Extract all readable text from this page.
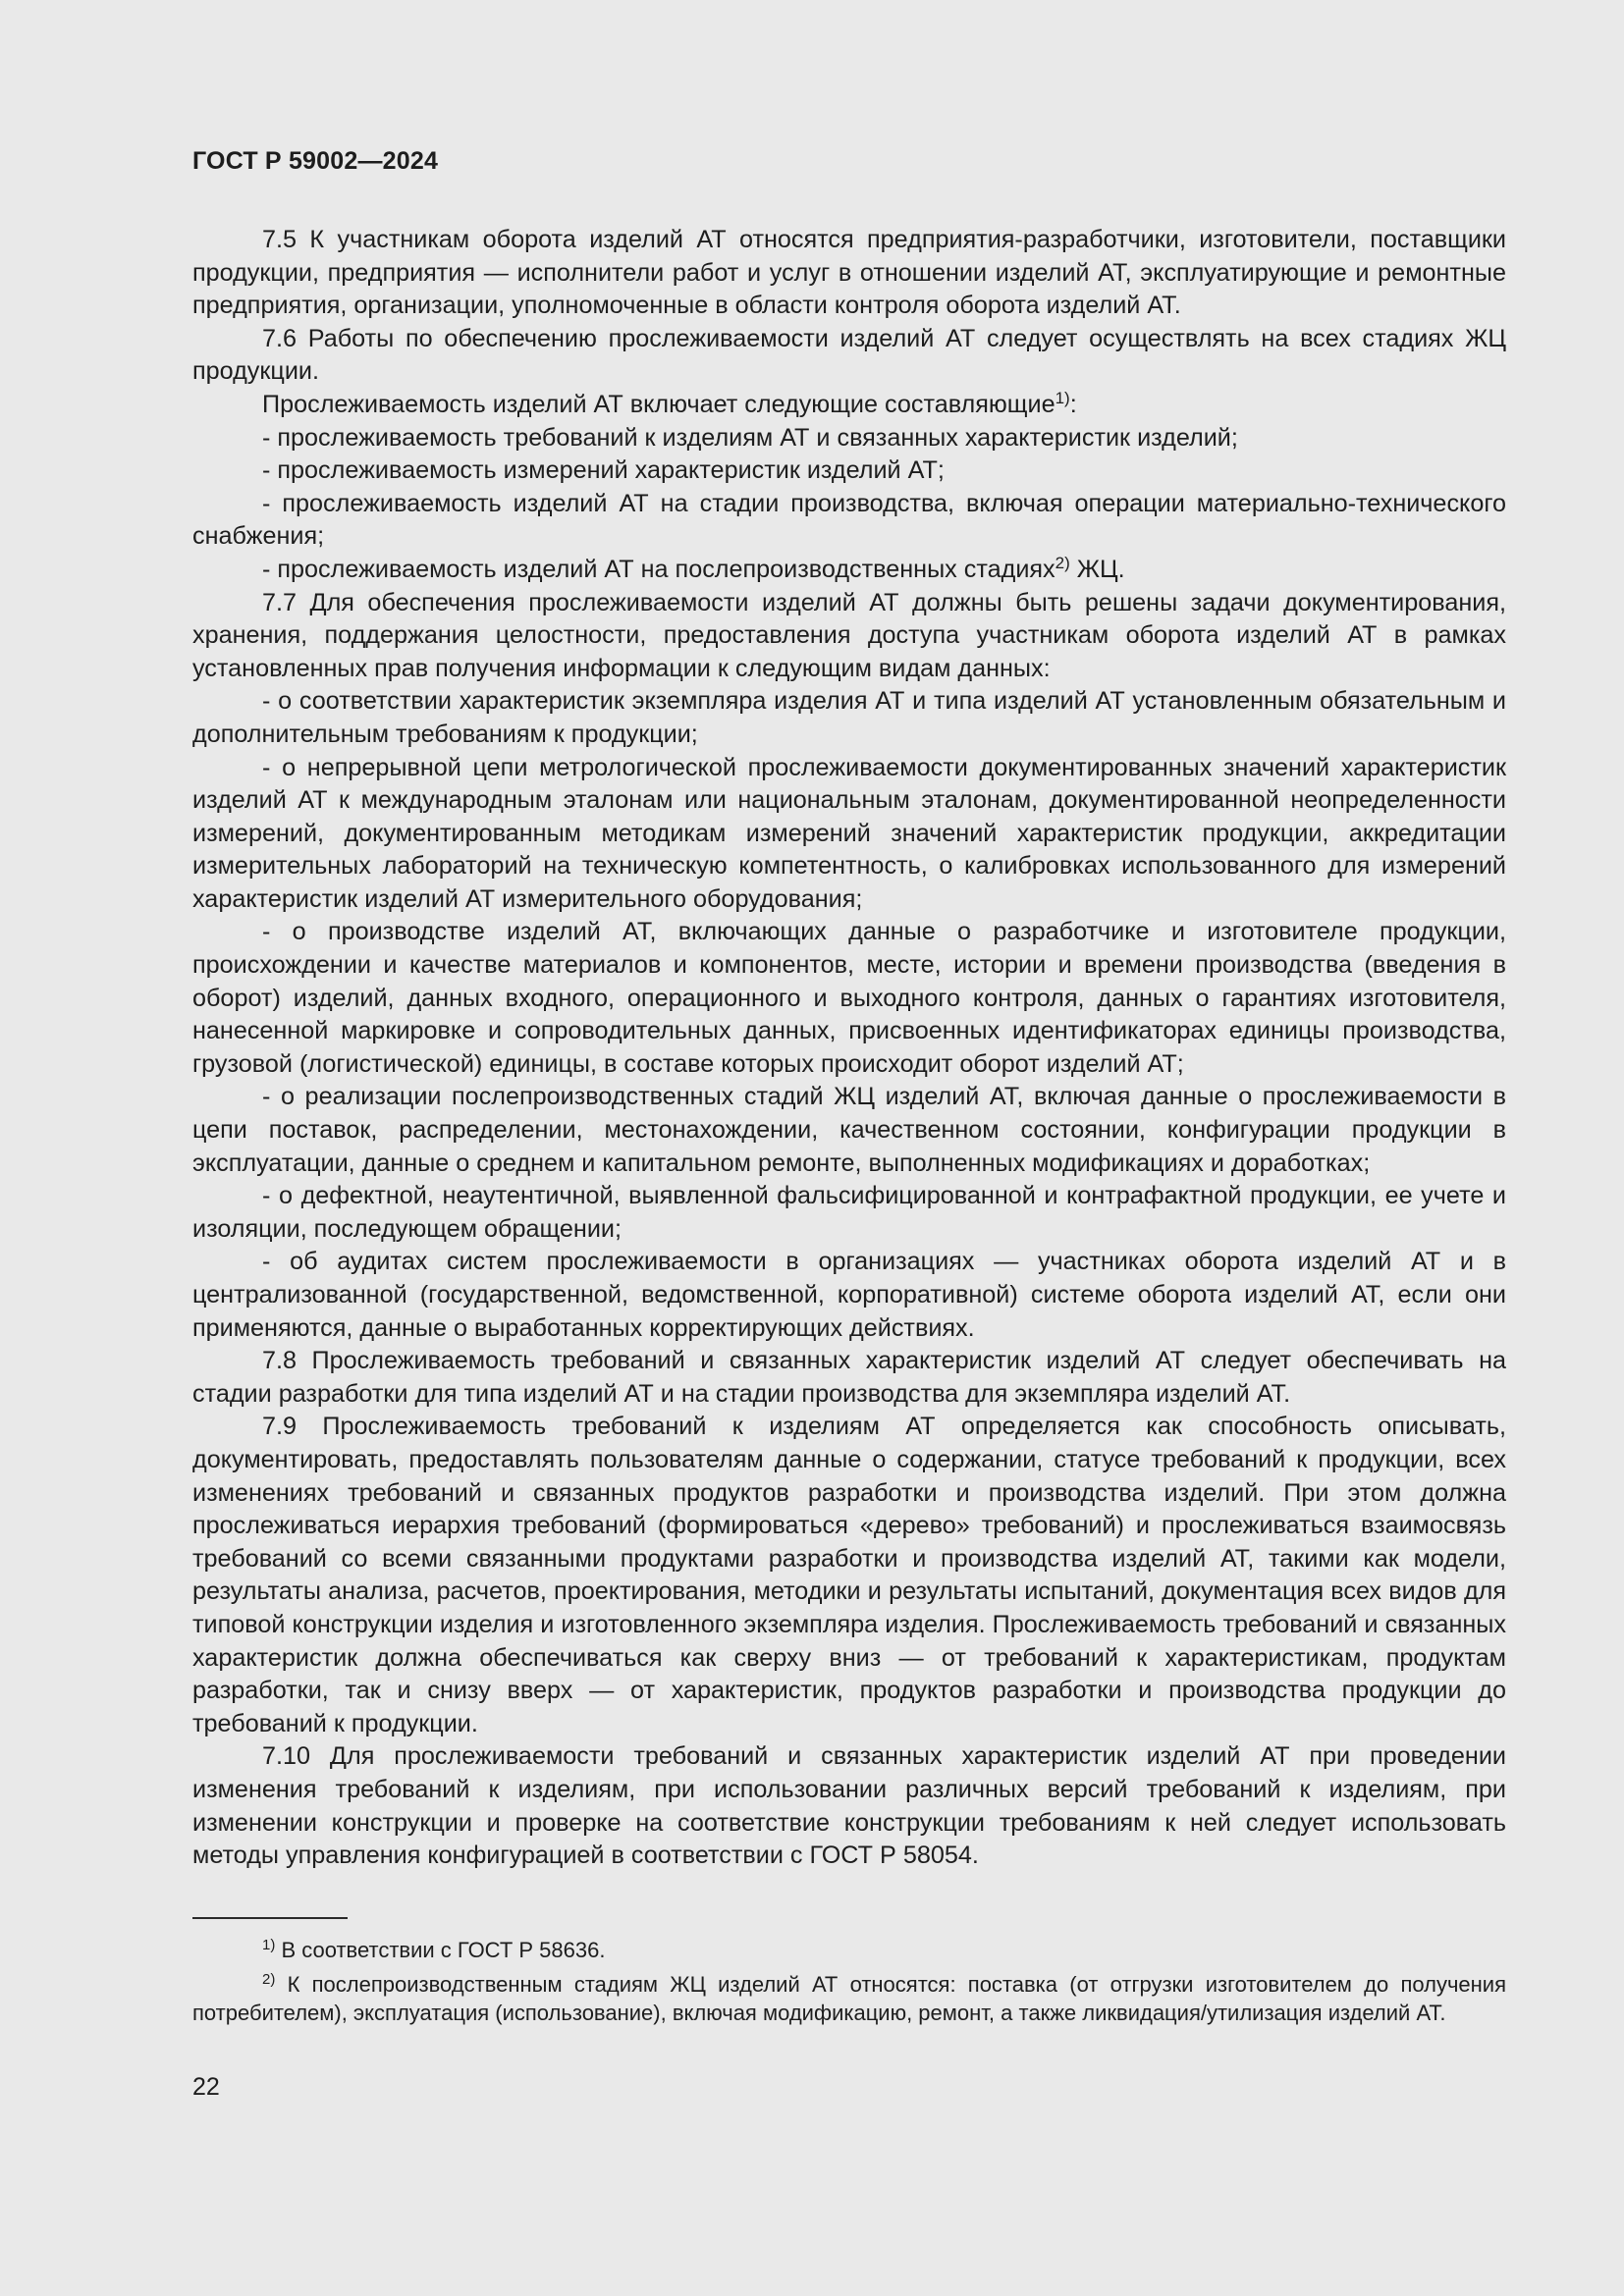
ГОСТ Р 59002—2024

7.5 К участникам оборота изделий АТ относятся предприятия-разработчики, изготовители, поставщики продукции, предприятия — исполнители работ и услуг в отношении изделий АТ, эксплуатирующие и ремонтные предприятия, организации, уполномоченные в области контроля оборота изделий АТ.

7.6 Работы по обеспечению прослеживаемости изделий АТ следует осуществлять на всех стадиях ЖЦ продукции.

Прослеживаемость изделий АТ включает следующие составляющие$^{1)}$:

- прослеживаемость требований к изделиям АТ и связанных характеристик изделий;

- прослеживаемость измерений характеристик изделий АТ;

- прослеживаемость изделий АТ на стадии производства, включая операции материально-технического снабжения;

- прослеживаемость изделий АТ на послепроизводственных стадиях$^{2)}$ ЖЦ.

7.7 Для обеспечения прослеживаемости изделий АТ должны быть решены задачи документирования, хранения, поддержания целостности, предоставления доступа участникам оборота изделий АТ в рамках установленных прав получения информации к следующим видам данных:

- о соответствии характеристик экземпляра изделия АТ и типа изделий АТ установленным обязательным и дополнительным требованиям к продукции;

- о непрерывной цепи метрологической прослеживаемости документированных значений характеристик изделий АТ к международным эталонам или национальным эталонам, документированной неопределенности измерений, документированным методикам измерений значений характеристик продукции, аккредитации измерительных лабораторий на техническую компетентность, о калибровках использованного для измерений характеристик изделий АТ измерительного оборудования;

- о производстве изделий АТ, включающих данные о разработчике и изготовителе продукции, происхождении и качестве материалов и компонентов, месте, истории и времени производства (введения в оборот) изделий, данных входного, операционного и выходного контроля, данных о гарантиях изготовителя, нанесенной маркировке и сопроводительных данных, присвоенных идентификаторах единицы производства, грузовой (логистической) единицы, в составе которых происходит оборот изделий АТ;

- о реализации послепроизводственных стадий ЖЦ изделий АТ, включая данные о прослеживаемости в цепи поставок, распределении, местонахождении, качественном состоянии, конфигурации продукции в эксплуатации, данные о среднем и капитальном ремонте, выполненных модификациях и доработках;

- о дефектной, неаутентичной, выявленной фальсифицированной и контрафактной продукции, ее учете и изоляции, последующем обращении;

- об аудитах систем прослеживаемости в организациях — участниках оборота изделий АТ и в централизованной (государственной, ведомственной, корпоративной) системе оборота изделий АТ, если они применяются, данные о выработанных корректирующих действиях.

7.8 Прослеживаемость требований и связанных характеристик изделий АТ следует обеспечивать на стадии разработки для типа изделий АТ и на стадии производства для экземпляра изделий АТ.

7.9 Прослеживаемость требований к изделиям АТ определяется как способность описывать, документировать, предоставлять пользователям данные о содержании, статусе требований к продукции, всех изменениях требований и связанных продуктов разработки и производства изделий. При этом должна прослеживаться иерархия требований (формироваться «дерево» требований) и прослеживаться взаимосвязь требований со всеми связанными продуктами разработки и производства изделий АТ, такими как модели, результаты анализа, расчетов, проектирования, методики и результаты испытаний, документация всех видов для типовой конструкции изделия и изготовленного экземпляра изделия. Прослеживаемость требований и связанных характеристик должна обеспечиваться как сверху вниз — от требований к характеристикам, продуктам разработки, так и снизу вверх — от характеристик, продуктов разработки и производства продукции до требований к продукции.

7.10 Для прослеживаемости требований и связанных характеристик изделий АТ при проведении изменения требований к изделиям, при использовании различных версий требований к изделиям, при изменении конструкции и проверке на соответствие конструкции требованиям к ней следует использовать методы управления конфигурацией в соответствии с ГОСТ Р 58054.

$^{1)}$ В соответствии с ГОСТ Р 58636.

$^{2)}$ К послепроизводственным стадиям ЖЦ изделий АТ относятся: поставка (от отгрузки изготовителем до получения потребителем), эксплуатация (использование), включая модификацию, ремонт, а также ликвидация/утилизация изделий АТ.

22
